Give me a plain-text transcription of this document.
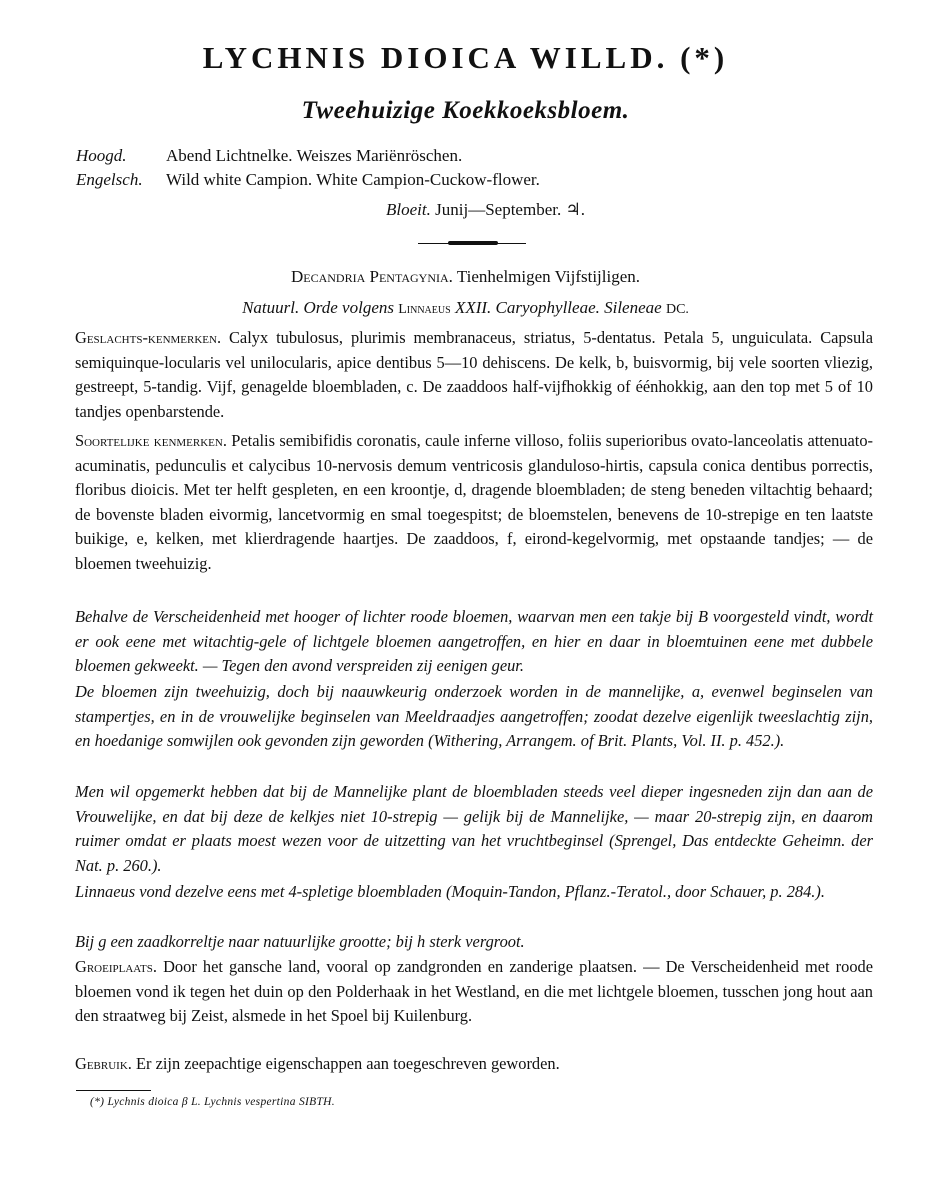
LYCHNIS DIOICA WILLD. (*)
Tweehuizige Koekkoeksbloem.
Hoogd.
Engelsch.
Abend Lichtnelke. Weiszes Mariënröschen.
Wild white Campion. White Campion-Cuckow-flower.
Bloeit. Junij—September. ♃.
Decandria Pentagynia. Tienhelmigen Vijfstijligen.
Natuurl. Orde volgens Linnaeus XXII. Caryophylleae. Sileneae DC.
Geslachts-kenmerken. Calyx tubulosus, plurimis membranaceus, striatus, 5-dentatus. Petala 5, unguiculata. Capsula semiquinque-locularis vel unilocularis, apice dentibus 5—10 dehiscens. De kelk, b, buisvormig, bij vele soorten vliezig, gestreept, 5-tandig. Vijf, genagelde bloembladen, c. De zaaddoos half-vijfhokkig of éénhokkig, aan den top met 5 of 10 tandjes openbarstende.
Soortelijke kenmerken. Petalis semibifidis coronatis, caule inferne villoso, foliis superioribus ovato-lanceolatis attenuato-acuminatis, pedunculis et calycibus 10-nervosis demum ventricosis glanduloso-hirtis, capsula conica dentibus porrectis, floribus dioicis. Met ter helft gespleten, en een kroontje, d, dragende bloembladen; de steng beneden viltachtig behaard; de bovenste bladen eivormig, lancetvormig en smal toegespitst; de bloemstelen, benevens de 10-strepige en ten laatste buikige, e, kelken, met klierdragende haartjes. De zaaddoos, f, eirond-kegelvormig, met opstaande tandjes; — de bloemen tweehuizig.
Behalve de Verscheidenheid met hooger of lichter roode bloemen, waarvan men een takje bij B voorgesteld vindt, wordt er ook eene met witachtig-gele of lichtgele bloemen aangetroffen, en hier en daar in bloemtuinen eene met dubbele bloemen gekweekt. — Tegen den avond verspreiden zij eenigen geur.
De bloemen zijn tweehuizig, doch bij naauwkeurig onderzoek worden in de mannelijke, a, evenwel beginselen van stampertjes, en in de vrouwelijke beginselen van Meeldraadjes aangetroffen; zoodat dezelve eigenlijk tweeslachtig zijn, en hoedanige somwijlen ook gevonden zijn geworden (Withering, Arrangem. of Brit. Plants, Vol. II. p. 452.).
Men wil opgemerkt hebben dat bij de Mannelijke plant de bloembladen steeds veel dieper ingesneden zijn dan aan de Vrouwelijke, en dat bij deze de kelkjes niet 10-strepig — gelijk bij de Mannelijke, — maar 20-strepig zijn, en daarom ruimer omdat er plaats moest wezen voor de uitzetting van het vruchtbeginsel (Sprengel, Das entdeckte Geheimn. der Nat. p. 260.).
Linnaeus vond dezelve eens met 4-spletige bloembladen (Moquin-Tandon, Pflanz.-Teratol., door Schauer, p. 284.).
Bij g een zaadkorreltje naar natuurlijke grootte; bij h sterk vergroot.
Groeiplaats. Door het gansche land, vooral op zandgronden en zanderige plaatsen. — De Verscheidenheid met roode bloemen vond ik tegen het duin op den Polderhaak in het Westland, en die met lichtgele bloemen, tusschen jong hout aan den straatweg bij Zeist, alsmede in het Spoel bij Kuilenburg.
Gebruik. Er zijn zeepachtige eigenschappen aan toegeschreven geworden.
(*) Lychnis dioica β L. Lychnis vespertina SIBTH.
